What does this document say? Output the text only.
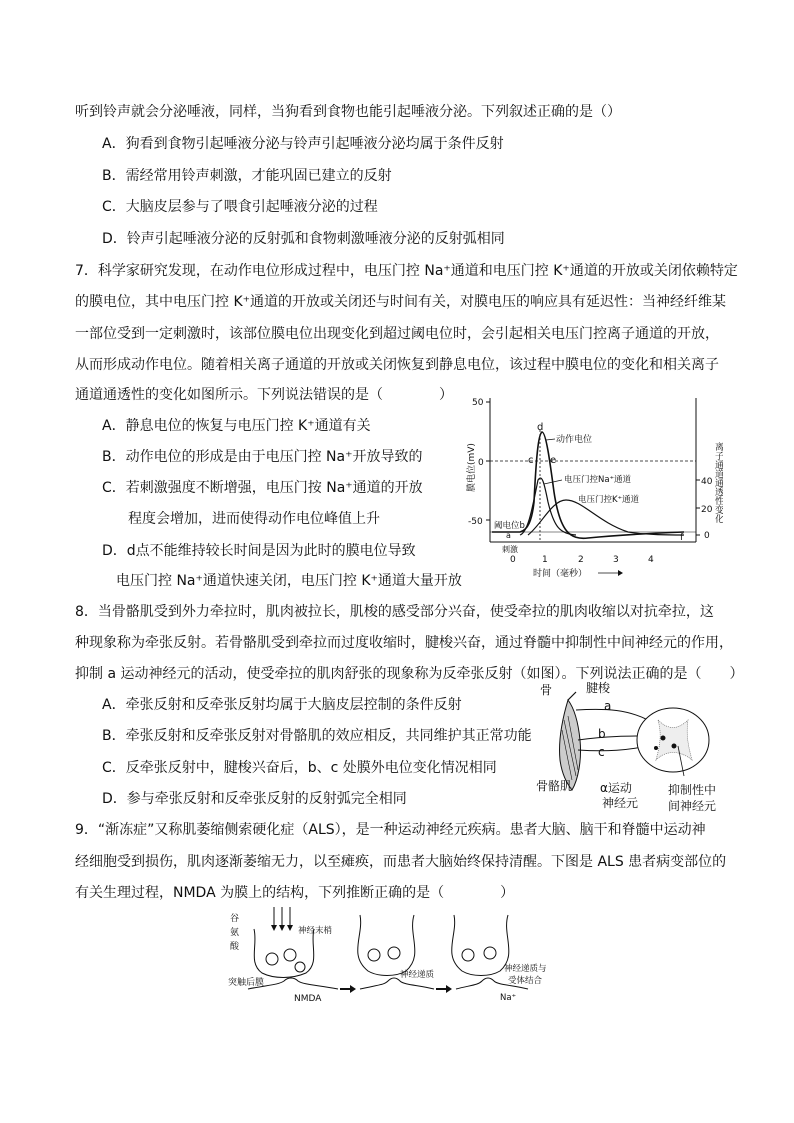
听到铃声就会分泌唾液，同样，当狗看到食物也能引起唾液分泌。下列叙述正确的是（）
A．狗看到食物引起唾液分泌与铃声引起唾液分泌均属于条件反射
B．需经常用铃声刺激，才能巩固已建立的反射
C．大脑皮层参与了喂食引起唾液分泌的过程
D．铃声引起唾液分泌的反射弧和食物刺激唾液分泌的反射弧相同
7．科学家研究发现，在动作电位形成过程中，电压门控 Na⁺通道和电压门控 K⁺通道的开放或关闭依赖特定
的膜电位，其中电压门控 K⁺通道的开放或关闭还与时间有关，对膜电压的响应具有延迟性：当神经纤维某
一部位受到一定刺激时，该部位膜电位出现变化到超过阈电位时，会引起相关电压门控离子通道的开放，
从而形成动作电位。随着相关离子通道的开放或关闭恢复到静息电位，该过程中膜电位的变化和相关离子
通道通透性的变化如图所示。下列说法错误的是（　　　　）
A．静息电位的恢复与电压门控 K⁺通道有关
B．动作电位的形成是由于电压门控 Na⁺开放导致的
C．若刺激强度不断增强，电压门按 Na⁺通道的开放
程度会增加，进而使得动作电位峰值上升
D．d点不能维持较长时间是因为此时的膜电位导致
电压门控 Na⁺通道快速关闭，电压门控 K⁺通道大量开放
50
0
-50
40
20
0
膜电位(mV)	离子通道通透性变化
d
c e
动作电位
电压门控Na⁺通道
电压门控K⁺通道
阈电位b
a
刺激
f
0	1	2	3	4
时间（毫秒）
8．当骨骼肌受到外力牵拉时，肌肉被拉长，肌梭的感受部分兴奋，使受牵拉的肌肉收缩以对抗牵拉，这
种现象称为牵张反射。若骨骼肌受到牵拉而过度收缩时，腱梭兴奋，通过脊髓中抑制性中间神经元的作用，
抑制 a 运动神经元的活动，使受牵拉的肌肉舒张的现象称为反牵张反射（如图）。下列说法正确的是（　　）
A．牵张反射和反牵张反射均属于大脑皮层控制的条件反射
B．牵张反射和反牵张反射对骨骼肌的效应相反，共同维护其正常功能
C．反牵张反射中，腱梭兴奋后，b、c 处膜外电位变化情况相同
D．参与牵张反射和反牵张反射的反射弧完全相同
骨	腱梭
a
b
c
骨骼肌 α运动
神经元
抑制性中
间神经元
9．“渐冻症”又称肌萎缩侧索硬化症（ALS），是一种运动神经元疾病。患者大脑、脑干和脊髓中运动神
经细胞受到损伤，肌肉逐渐萎缩无力，以至瘫痪，而患者大脑始终保持清醒。下图是 ALS 患者病变部位的
有关生理过程，NMDA 为膜上的结构，下列推断正确的是（　　　　）
谷
氨
酸
神经末梢
突触后膜
NMDA
神经递质
神经递质与
受体结合
Na⁺
